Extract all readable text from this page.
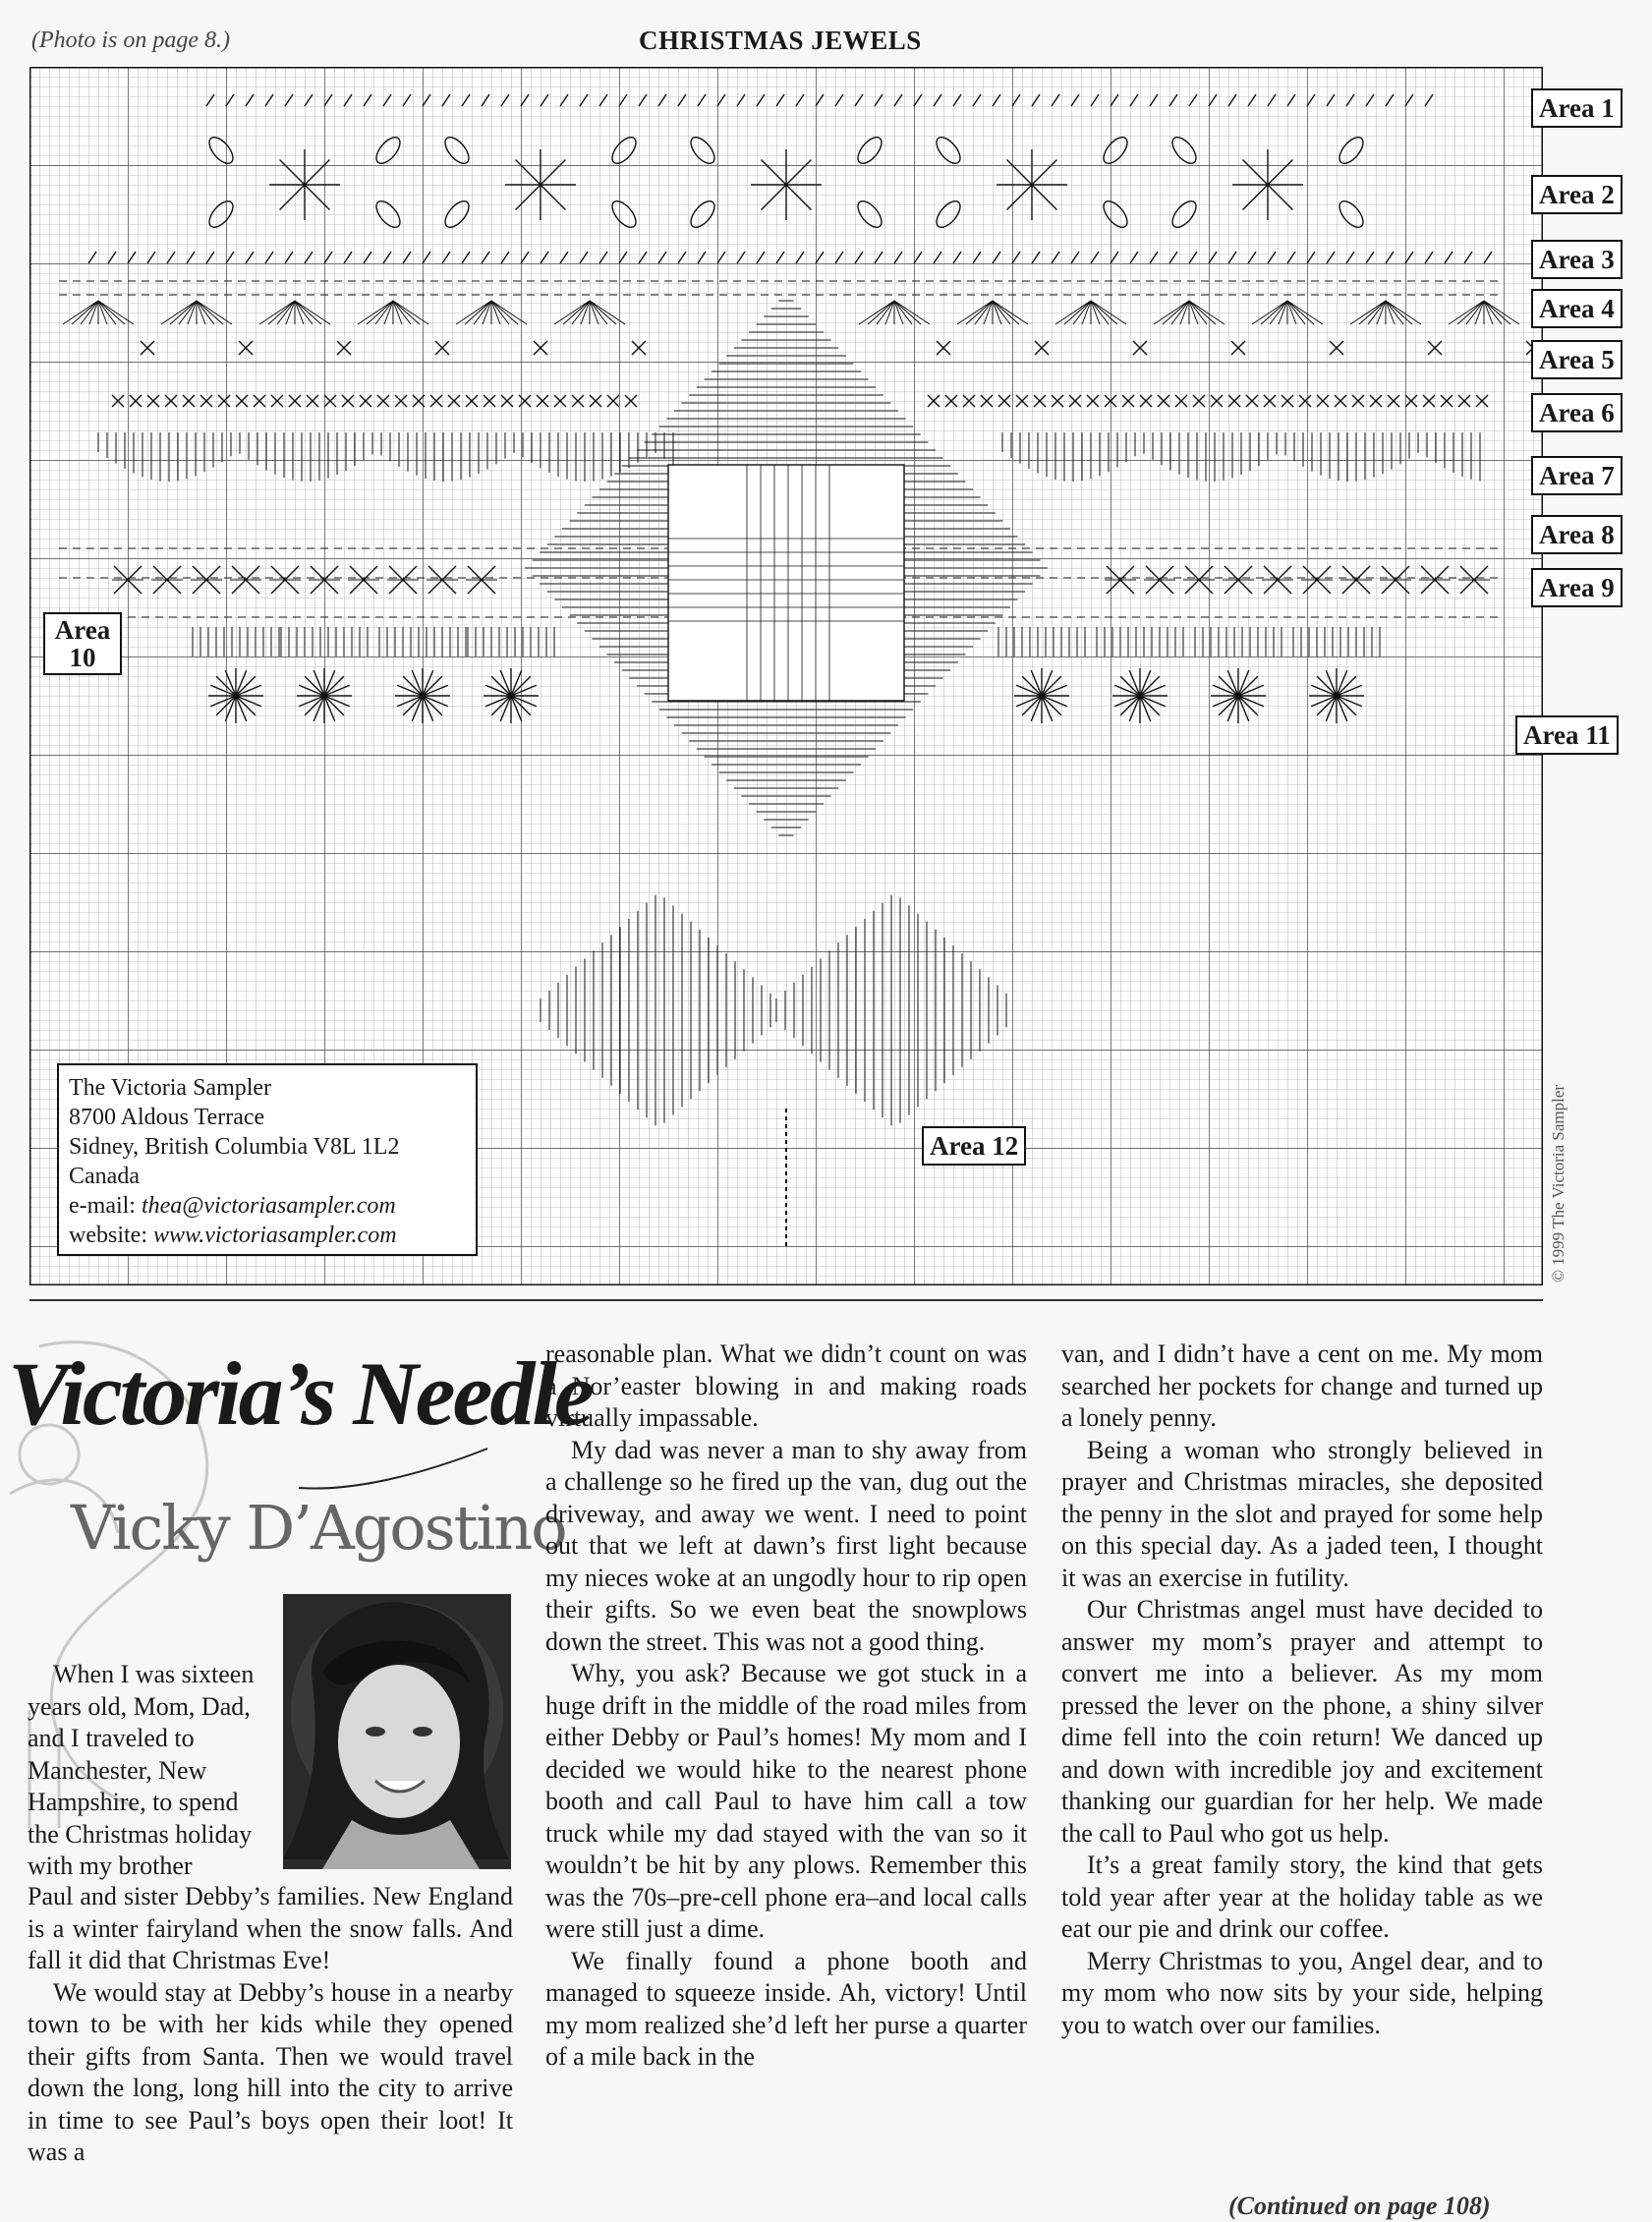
(Photo is on page 8.)	CHRISTMAS JEWELS
Area 1
Area 2
Area 3
Area 4
Area 5
Area 6
Area 7
Area 8
Area 9
Area 10
Area 11
Area 12
The Victoria Sampler
8700 Aldous Terrace
Sidney, British Columbia V8L 1L2
Canada
e-mail: thea@victoriasampler.com
website: www.victoriasampler.com	© 1999 The Victoria Sampler
Victoria’s Needle
Vicky D’Agostino

When I was sixteen years old, Mom, Dad, and I traveled to Manchester, New Hampshire, to spend the Christmas holiday with my brother

Paul and sister Debby’s families. New England is a winter fairyland when the snow falls. And fall it did that Christmas Eve!

We would stay at Debby’s house in a nearby town to be with her kids while they opened their gifts from Santa. Then we would travel down the long, long hill into the city to arrive in time to see Paul’s boys open their loot! It was a

reasonable plan. What we didn’t count on was a Nor’easter blowing in and making roads virtually impassable.

My dad was never a man to shy away from a challenge so he fired up the van, dug out the driveway, and away we went. I need to point out that we left at dawn’s first light because my nieces woke at an ungodly hour to rip open their gifts. So we even beat the snowplows down the street. This was not a good thing.

Why, you ask? Because we got stuck in a huge drift in the middle of the road miles from either Debby or Paul’s homes! My mom and I decided we would hike to the nearest phone booth and call Paul to have him call a tow truck while my dad stayed with the van so it wouldn’t be hit by any plows. Remember this was the 70s–pre-cell phone era–and local calls were still just a dime.

We finally found a phone booth and managed to squeeze inside. Ah, victory! Until my mom realized she’d left her purse a quarter of a mile back in the

van, and I didn’t have a cent on me. My mom searched her pockets for change and turned up a lonely penny.

Being a woman who strongly believed in prayer and Christmas miracles, she deposited the penny in the slot and prayed for some help on this special day. As a jaded teen, I thought it was an exercise in futility.

Our Christmas angel must have decided to answer my mom’s prayer and attempt to convert me into a believer. As my mom pressed the lever on the phone, a shiny silver dime fell into the coin return! We danced up and down with incredible joy and excitement thanking our guardian for her help. We made the call to Paul who got us help.

It’s a great family story, the kind that gets told year after year at the holiday table as we eat our pie and drink our coffee.

Merry Christmas to you, Angel dear, and to my mom who now sits by your side, helping you to watch over our families.

(Continued on page 108)
